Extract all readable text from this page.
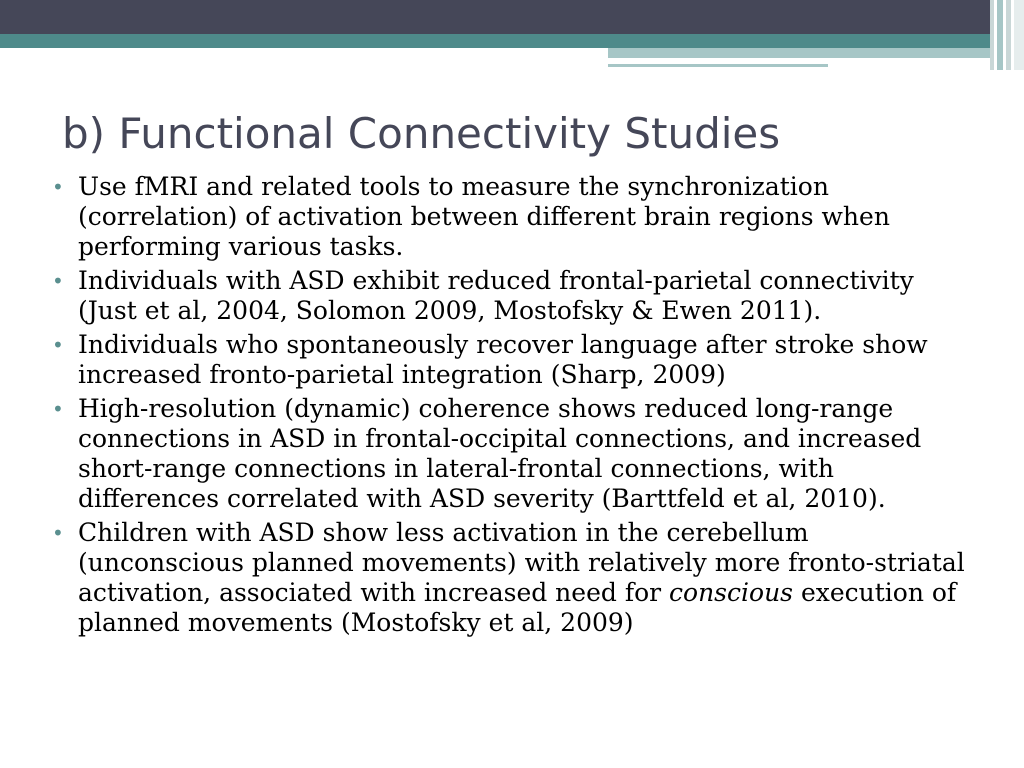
b) Functional Connectivity Studies
• Use fMRI and related tools to measure the synchronization (correlation) of activation between different brain regions when performing various tasks.
• Individuals with ASD exhibit reduced frontal-parietal connectivity (Just et al, 2004, Solomon 2009, Mostofsky & Ewen 2011).
• Individuals who spontaneously recover language after stroke show increased fronto-parietal integration (Sharp, 2009)
• High-resolution (dynamic) coherence shows reduced long-range connections in ASD in frontal-occipital connections, and increased short-range connections in lateral-frontal connections, with differences correlated with ASD severity (Barttfeld et al, 2010).
• Children with ASD show less activation in the cerebellum (unconscious planned movements) with relatively more fronto-striatal activation, associated with increased need for conscious execution of planned movements (Mostofsky et al, 2009)
